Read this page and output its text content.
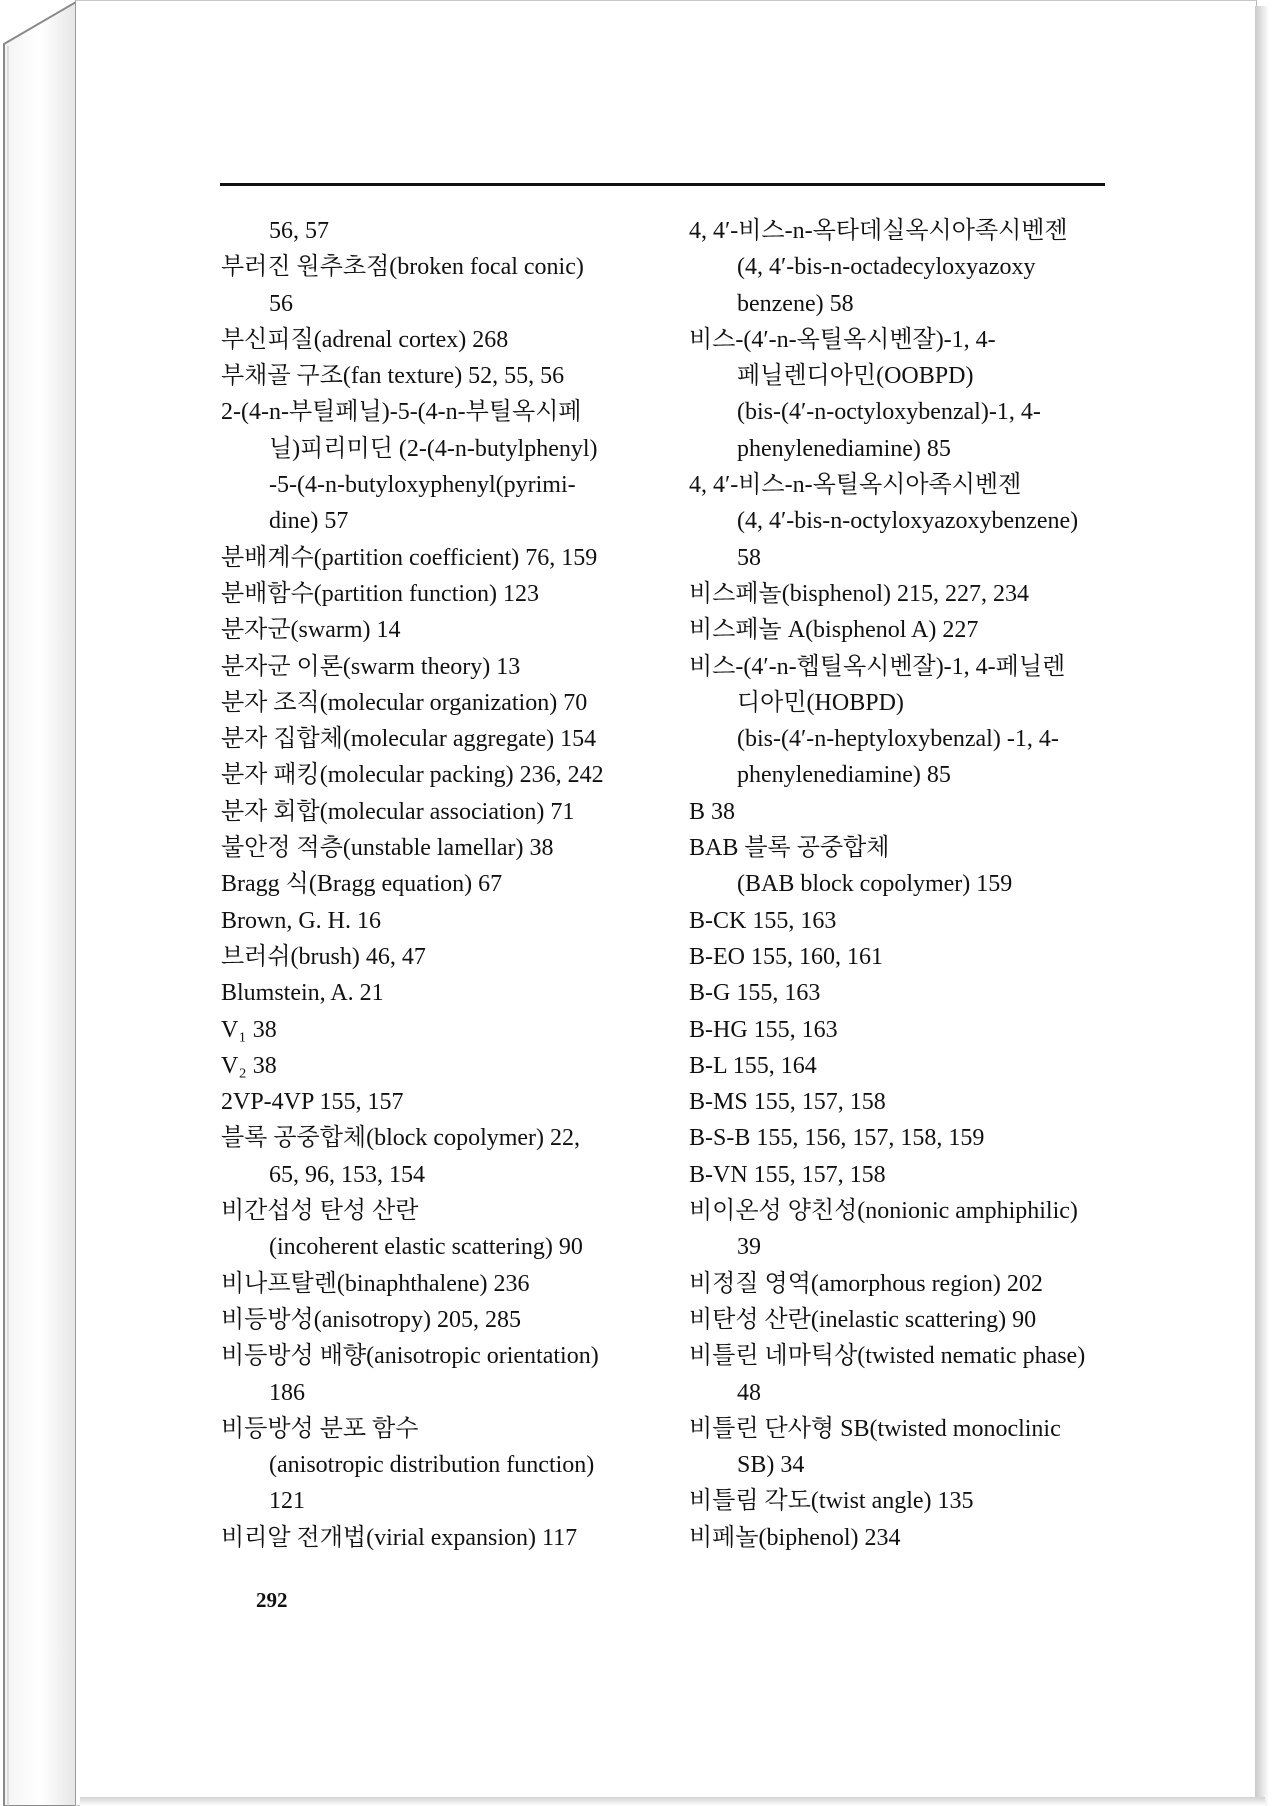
56, 57
부러진 원추초점(broken focal conic)
56
부신피질(adrenal cortex) 268
부채골 구조(fan texture) 52, 55, 56
2-(4-n-부틸페닐)-5-(4-n-부틸옥시페
닐)피리미딘 (2-(4-n-butylphenyl)
-5-(4-n-butyloxyphenyl(pyrimi-
dine) 57
분배계수(partition coefficient) 76, 159
분배함수(partition function) 123
분자군(swarm) 14
분자군 이론(swarm theory) 13
분자 조직(molecular organization) 70
분자 집합체(molecular aggregate) 154
분자 패킹(molecular packing) 236, 242
분자 회합(molecular association) 71
불안정 적층(unstable lamellar) 38
Bragg 식(Bragg equation) 67
Brown, G. H. 16
브러쉬(brush) 46, 47
Blumstein, A. 21
V₁ 38
V₂ 38
2VP-4VP 155, 157
블록 공중합체(block copolymer) 22,
65, 96, 153, 154
비간섭성 탄성 산란
(incoherent elastic scattering) 90
비나프탈렌(binaphthalene) 236
비등방성(anisotropy) 205, 285
비등방성 배향(anisotropic orientation)
186
비등방성 분포 함수
(anisotropic distribution function)
121
비리알 전개법(virial expansion) 117
4, 4′-비스-n-옥타데실옥시아족시벤젠
(4, 4′-bis-n-octadecyloxyazoxy
benzene) 58
비스-(4′-n-옥틸옥시벤잘)-1, 4-
페닐렌디아민(OOBPD)
(bis-(4′-n-octyloxybenzal)-1, 4-
phenylenediamine) 85
4, 4′-비스-n-옥틸옥시아족시벤젠
(4, 4′-bis-n-octyloxyazoxybenzene)
58
비스페놀(bisphenol) 215, 227, 234
비스페놀 A(bisphenol A) 227
비스-(4′-n-헵틸옥시벤잘)-1, 4-페닐렌
디아민(HOBPD)
(bis-(4′-n-heptyloxybenzal) -1, 4-
phenylenediamine) 85
B 38
BAB 블록 공중합체
(BAB block copolymer) 159
B-CK 155, 163
B-EO 155, 160, 161
B-G 155, 163
B-HG 155, 163
B-L 155, 164
B-MS 155, 157, 158
B-S-B 155, 156, 157, 158, 159
B-VN 155, 157, 158
비이온성 양친성(nonionic amphiphilic)
39
비정질 영역(amorphous region) 202
비탄성 산란(inelastic scattering) 90
비틀린 네마틱상(twisted nematic phase)
48
비틀린 단사형 SB(twisted monoclinic
SB) 34
비틀림 각도(twist angle) 135
비페놀(biphenol) 234
292
